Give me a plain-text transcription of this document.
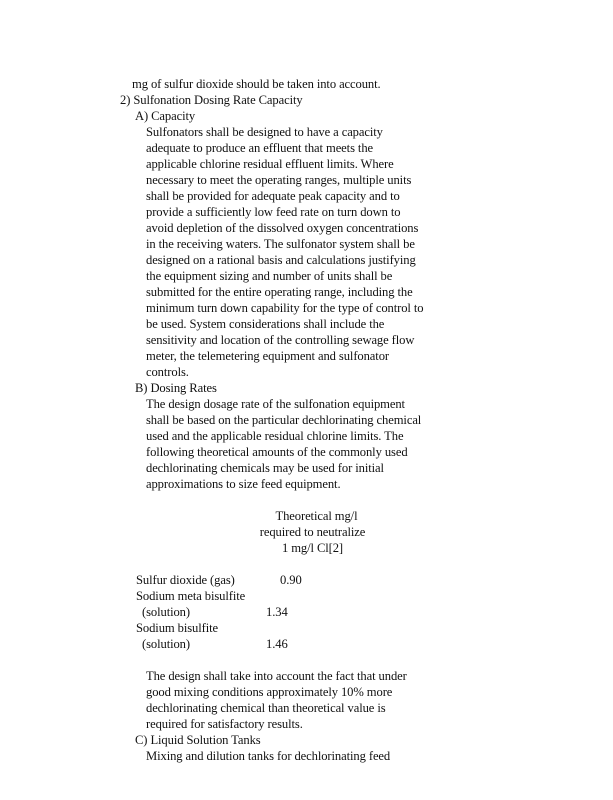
mg of sulfur dioxide should be taken into account.
2) Sulfonation Dosing Rate Capacity
A) Capacity
Sulfonators shall be designed to have a capacity
adequate to produce an effluent that meets the
applicable chlorine residual effluent limits. Where
necessary to meet the operating ranges, multiple units
shall be provided for adequate peak capacity and to
provide a sufficiently low feed rate on turn down to
avoid depletion of the dissolved oxygen concentrations
in the receiving waters. The sulfonator system shall be
designed on a rational basis and calculations justifying
the equipment sizing and number of units shall be
submitted for the entire operating range, including the
minimum turn down capability for the type of control to
be used. System considerations shall include the
sensitivity and location of the controlling sewage flow
meter, the telemetering equipment and sulfonator
controls.
B) Dosing Rates
The design dosage rate of the sulfonation equipment
shall be based on the particular dechlorinating chemical
used and the applicable residual chlorine limits. The
following theoretical amounts of the commonly used
dechlorinating chemicals may be used for initial
approximations to size feed equipment.
Theoretical mg/l
required to neutralize
1 mg/l Cl[2]
Sulfur dioxide (gas)	0.90
Sodium meta bisulfite
(solution)	1.34
Sodium bisulfite
(solution)	1.46
The design shall take into account the fact that under
good mixing conditions approximately 10% more
dechlorinating chemical than theoretical value is
required for satisfactory results.
C) Liquid Solution Tanks
Mixing and dilution tanks for dechlorinating feed
